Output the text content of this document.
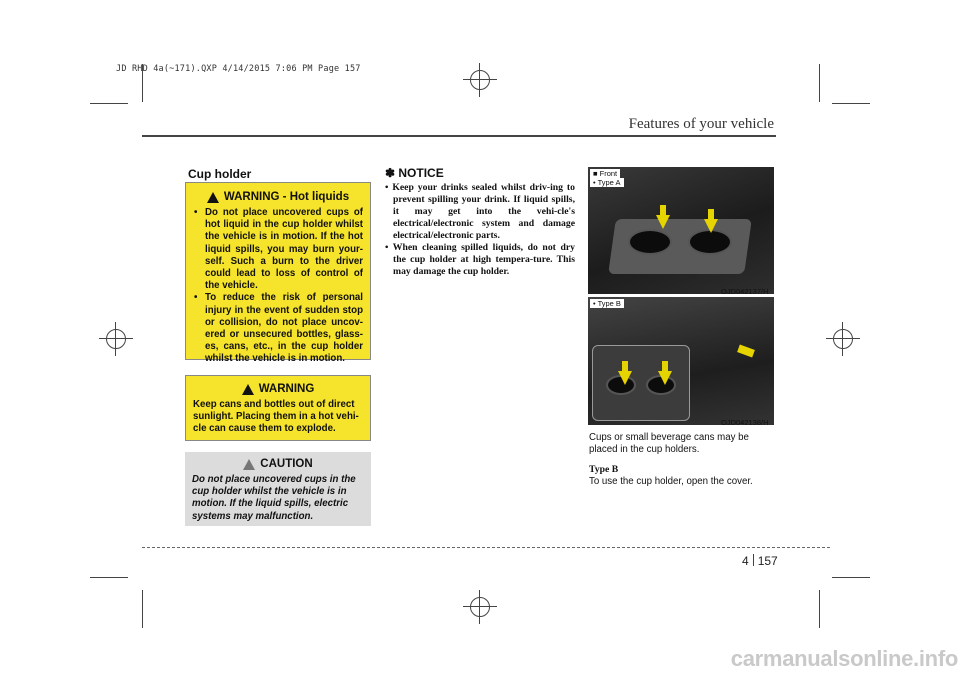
JD RHD 4a(~171).QXP 4/14/2015 7:06 PM Page 157
Features of your vehicle
Cup holder
WARNING - Hot liquids
• Do not place uncovered cups of hot liquid in the cup holder whilst the vehicle is in motion. If the hot liquid spills, you may burn your-self. Such a burn to the driver could lead to loss of control of the vehicle.
• To reduce the risk of personal injury in the event of sudden stop or collision, do not place uncov-ered or unsecured bottles, glass-es, cans, etc., in the cup holder whilst the vehicle is in motion.
WARNING

Keep cans and bottles out of direct sunlight. Placing them in a hot vehi-cle can cause them to explode.

CAUTION

Do not place uncovered cups in the cup holder whilst the vehicle is in motion. If the liquid spills, electric systems may malfunction.

✽ NOTICE
• Keep your drinks sealed whilst driv-ing to prevent spilling your drink. If liquid spills, it may get into the vehi-cle's electrical/electronic system and damage electrical/electronic parts.
• When cleaning spilled liquids, do not dry the cup holder at high tempera-ture. This may damage the cup holder.
■ Front
• Type A
OJD042137/H
• Type B
OJD042138/H
Cups or small beverage cans may be placed in the cup holders.
Type B
To use the cup holder, open the cover.
4 157
carmanualsonline.info
